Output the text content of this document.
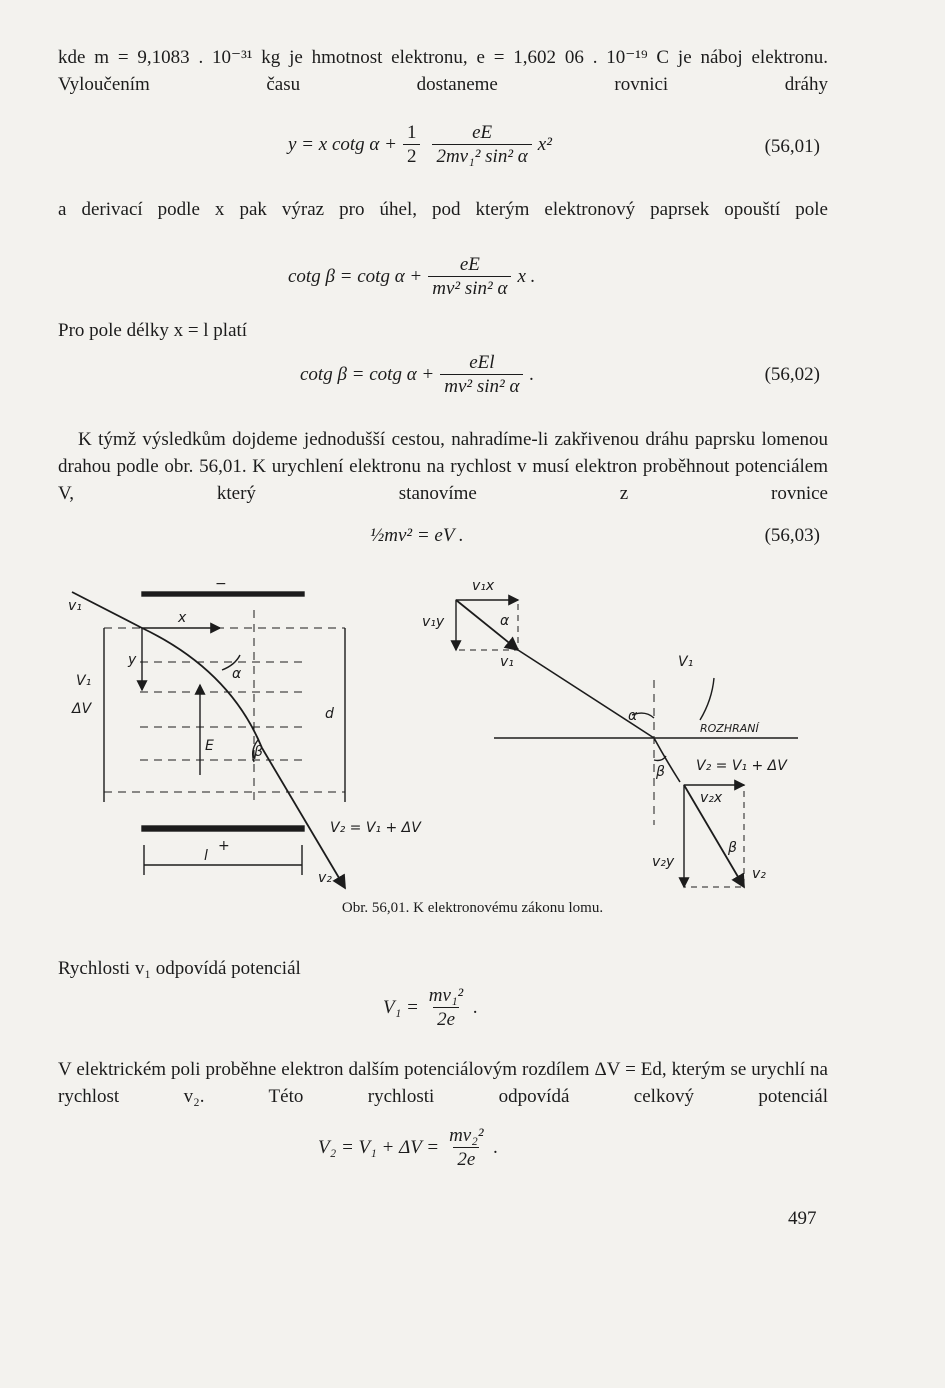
kde m = 9,1083 . 10⁻³¹ kg je hmotnost elektronu, e = 1,602 06 . 10⁻¹⁹ C je náboj elektronu. Vyloučením času dostaneme rovnici dráhy

y = x cotg $\alpha + \frac{1}{2} \frac{eE}{\text{2mv₁² sin² α}} x^2$	(56,01)

a derivací podle x pak výraz pro úhel, pod kterým elektronový paprsek opouští pole

cotg β = cotg $\alpha + \frac{eE}{\text{mv² sin² α}}$ x .

Pro pole délky x = l platí

cotg β = cotg $\alpha + \frac{\text{eEl}}{\text{mv² sin² α}}$ .	(56,02)

K týmž výsledkům dojdeme jednodušší cestou, nahradíme-li zakřivenou dráhu paprsku lomenou drahou podle obr. 56,01. K urychlení elektronu na rychlost v musí elektron proběhnout potenciálem V, který stanovíme z rovnice

½mv² = eV .	(56,03)
−
+
v₁
x
y
α
β
E
d
l
V₁
ΔV
v₂
V₂ = V₁ + ΔV
v₁x
v₁y
v₁
α
α
V₁
ROZHRANÍ
β V₂ = V₁ + ΔV
v₂x
v₂y
β
v₂
Obr. 56,01. K elektronovému zákonu lomu.

Rychlosti v₁ odpovídá potenciál

$V_1 = \frac{\text{mv₁²}}{2e}$ .

V elektrickém poli proběhne elektron dalším potenciálovým rozdílem ΔV = Ed, kterým se urychlí na rychlost v₂. Této rychlosti odpovídá celkový potenciál

$V_2 = V_1 + \Delta V = \frac{\text{mv₂²}}{2e}$ .
497
